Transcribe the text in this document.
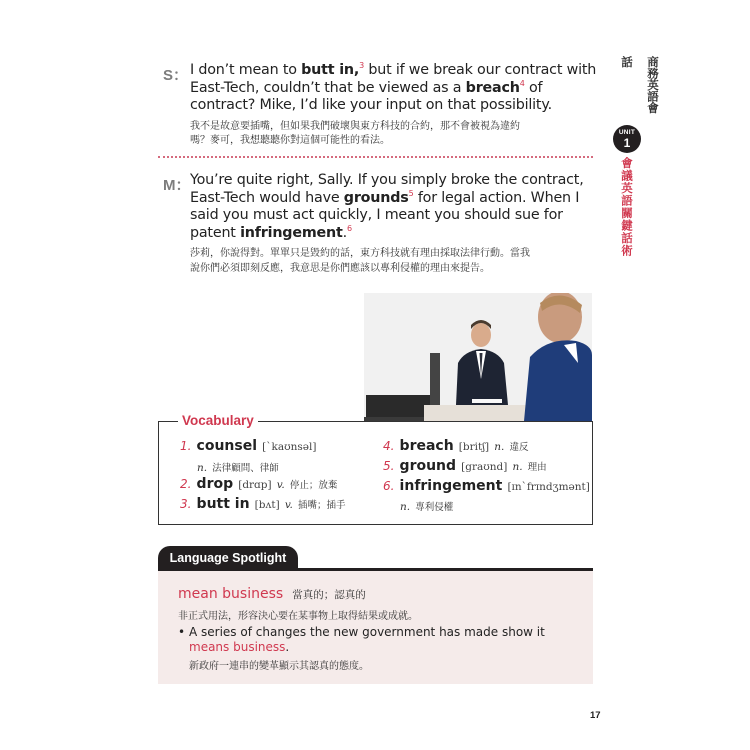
S： I don’t mean to butt in,$^3$ but if we break our contract with East-Tech, couldn’t that be viewed as a breach$^4$ of contract? Mike, I’d like your input on that possibility.

我不是故意要插嘴，但如果我們破壞與東方科技的合約，那不會被視為違約
嗎？麥可，我想聽聽你對這個可能性的看法。

M： You’re quite right, Sally. If you simply broke the contract, East-Tech would have grounds$^5$ for legal action. When I said you must act quickly, I meant you should sue for patent infringement.$^6$

莎莉，你說得對。單單只是毀約的話，東方科技就有理由採取法律行動。當我
說你們必須即刻反應，我意思是你們應該以專利侵權的理由來提告。

商務英語會話
UNIT
1
會議英語關鍵話術
Vocabulary
1. counsel [ˋkaʊnsəl]
n. 法律顧問、律師
2. drop [drɑp] v. 停止；放棄
3. butt in [bʌt] v. 插嘴；插手
4. breach [britʃ] n. 違反
5. ground [graʊnd] n. 理由
6. infringement [ɪnˋfrɪndʒmənt]
n. 專利侵權
Language Spotlight
mean business 當真的；認真的
非正式用法，形容決心要在某事物上取得結果或成就。
• A series of changes the new government has made show it means business.
新政府一連串的變革顯示其認真的態度。
17
